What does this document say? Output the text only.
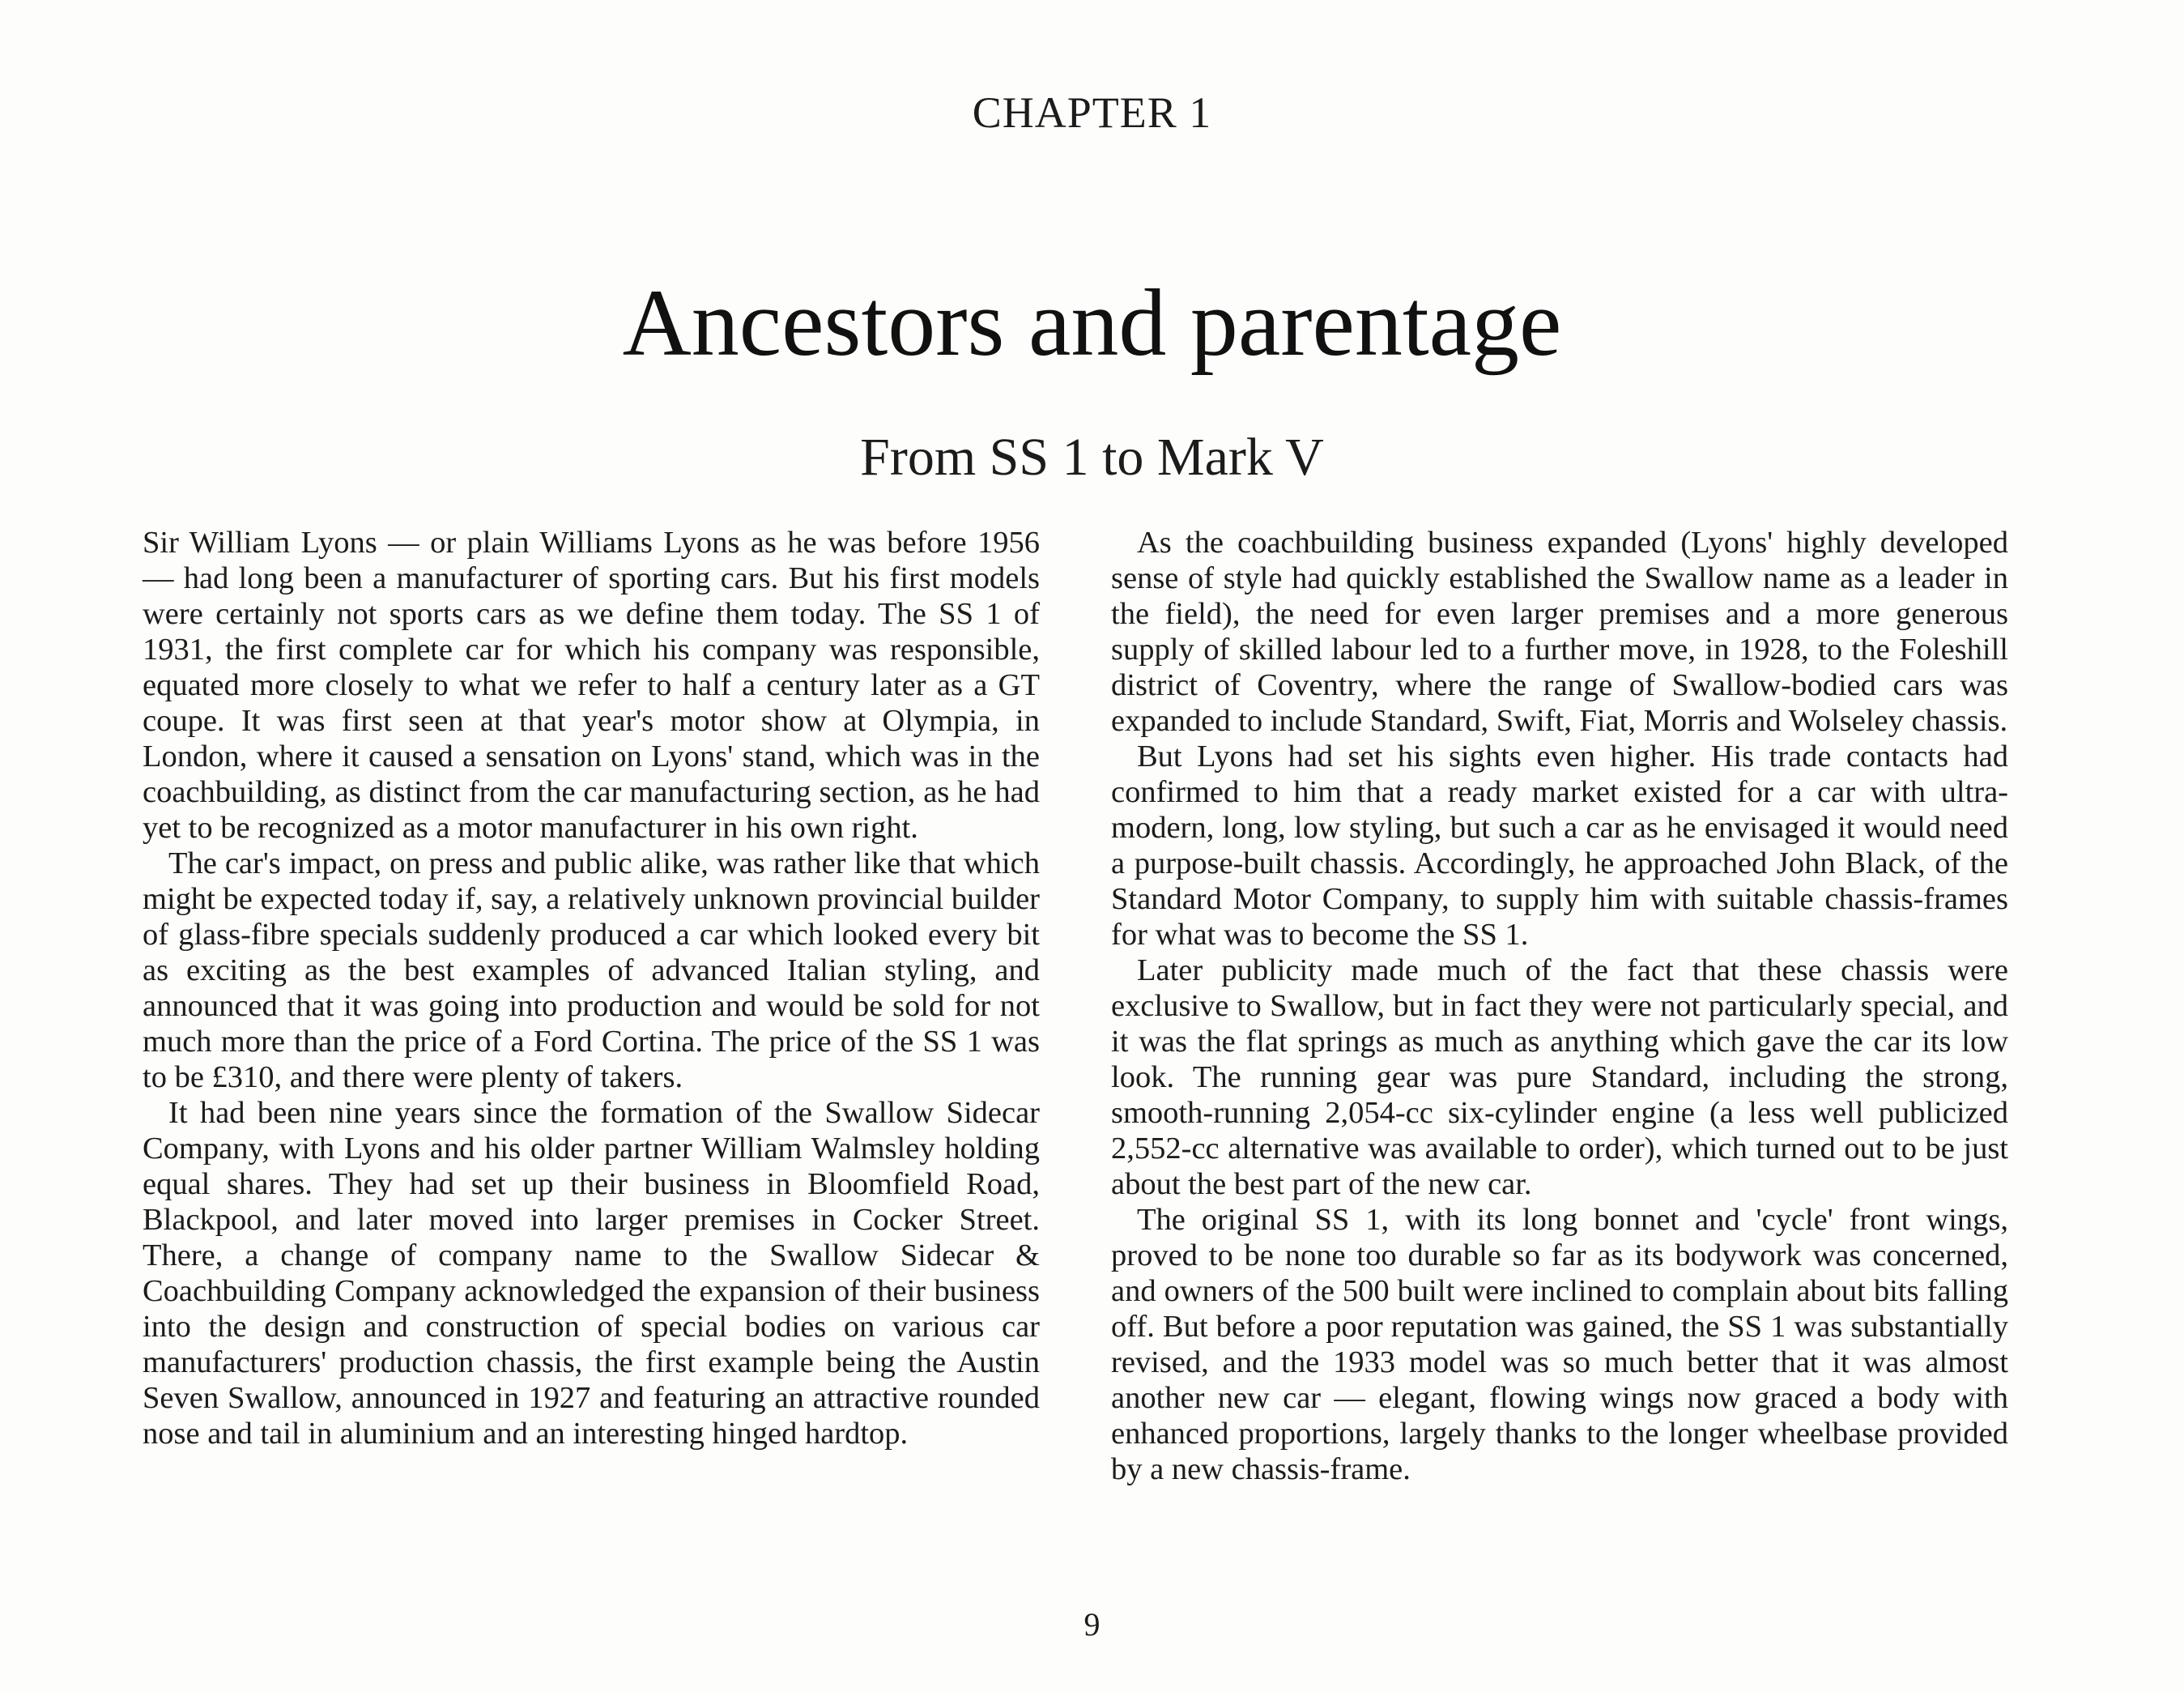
CHAPTER 1
Ancestors and parentage
From SS 1 to Mark V

Sir William Lyons — or plain Williams Lyons as he was before 1956 — had long been a manufacturer of sporting cars. But his first models were certainly not sports cars as we define them today. The SS 1 of 1931, the first complete car for which his company was responsible, equated more closely to what we refer to half a century later as a GT coupe. It was first seen at that year's motor show at Olympia, in London, where it caused a sensation on Lyons' stand, which was in the coachbuilding, as distinct from the car manufacturing section, as he had yet to be recognized as a motor manufacturer in his own right.

The car's impact, on press and public alike, was rather like that which might be expected today if, say, a relatively unknown provincial builder of glass-fibre specials suddenly produced a car which looked every bit as exciting as the best examples of advanced Italian styling, and announced that it was going into production and would be sold for not much more than the price of a Ford Cortina. The price of the SS 1 was to be £310, and there were plenty of takers.

It had been nine years since the formation of the Swallow Sidecar Company, with Lyons and his older partner William Walmsley holding equal shares. They had set up their business in Bloomfield Road, Blackpool, and later moved into larger premises in Cocker Street. There, a change of company name to the Swallow Sidecar & Coachbuilding Company acknowledged the expansion of their business into the design and construction of special bodies on various car manufacturers' production chassis, the first example being the Austin Seven Swallow, announced in 1927 and featuring an attractive rounded nose and tail in aluminium and an interesting hinged hardtop.

As the coachbuilding business expanded (Lyons' highly developed sense of style had quickly established the Swallow name as a leader in the field), the need for even larger premises and a more generous supply of skilled labour led to a further move, in 1928, to the Foleshill district of Coventry, where the range of Swallow-bodied cars was expanded to include Standard, Swift, Fiat, Morris and Wolseley chassis.

But Lyons had set his sights even higher. His trade contacts had confirmed to him that a ready market existed for a car with ultra-modern, long, low styling, but such a car as he envisaged it would need a purpose-built chassis. Accordingly, he approached John Black, of the Standard Motor Company, to supply him with suitable chassis-frames for what was to become the SS 1.

Later publicity made much of the fact that these chassis were exclusive to Swallow, but in fact they were not particularly special, and it was the flat springs as much as anything which gave the car its low look. The running gear was pure Standard, including the strong, smooth-running 2,054-cc six-cylinder engine (a less well publicized 2,552-cc alternative was available to order), which turned out to be just about the best part of the new car.

The original SS 1, with its long bonnet and 'cycle' front wings, proved to be none too durable so far as its bodywork was concerned, and owners of the 500 built were inclined to complain about bits falling off. But before a poor reputation was gained, the SS 1 was substantially revised, and the 1933 model was so much better that it was almost another new car — elegant, flowing wings now graced a body with enhanced proportions, largely thanks to the longer wheelbase provided by a new chassis-frame.

9
